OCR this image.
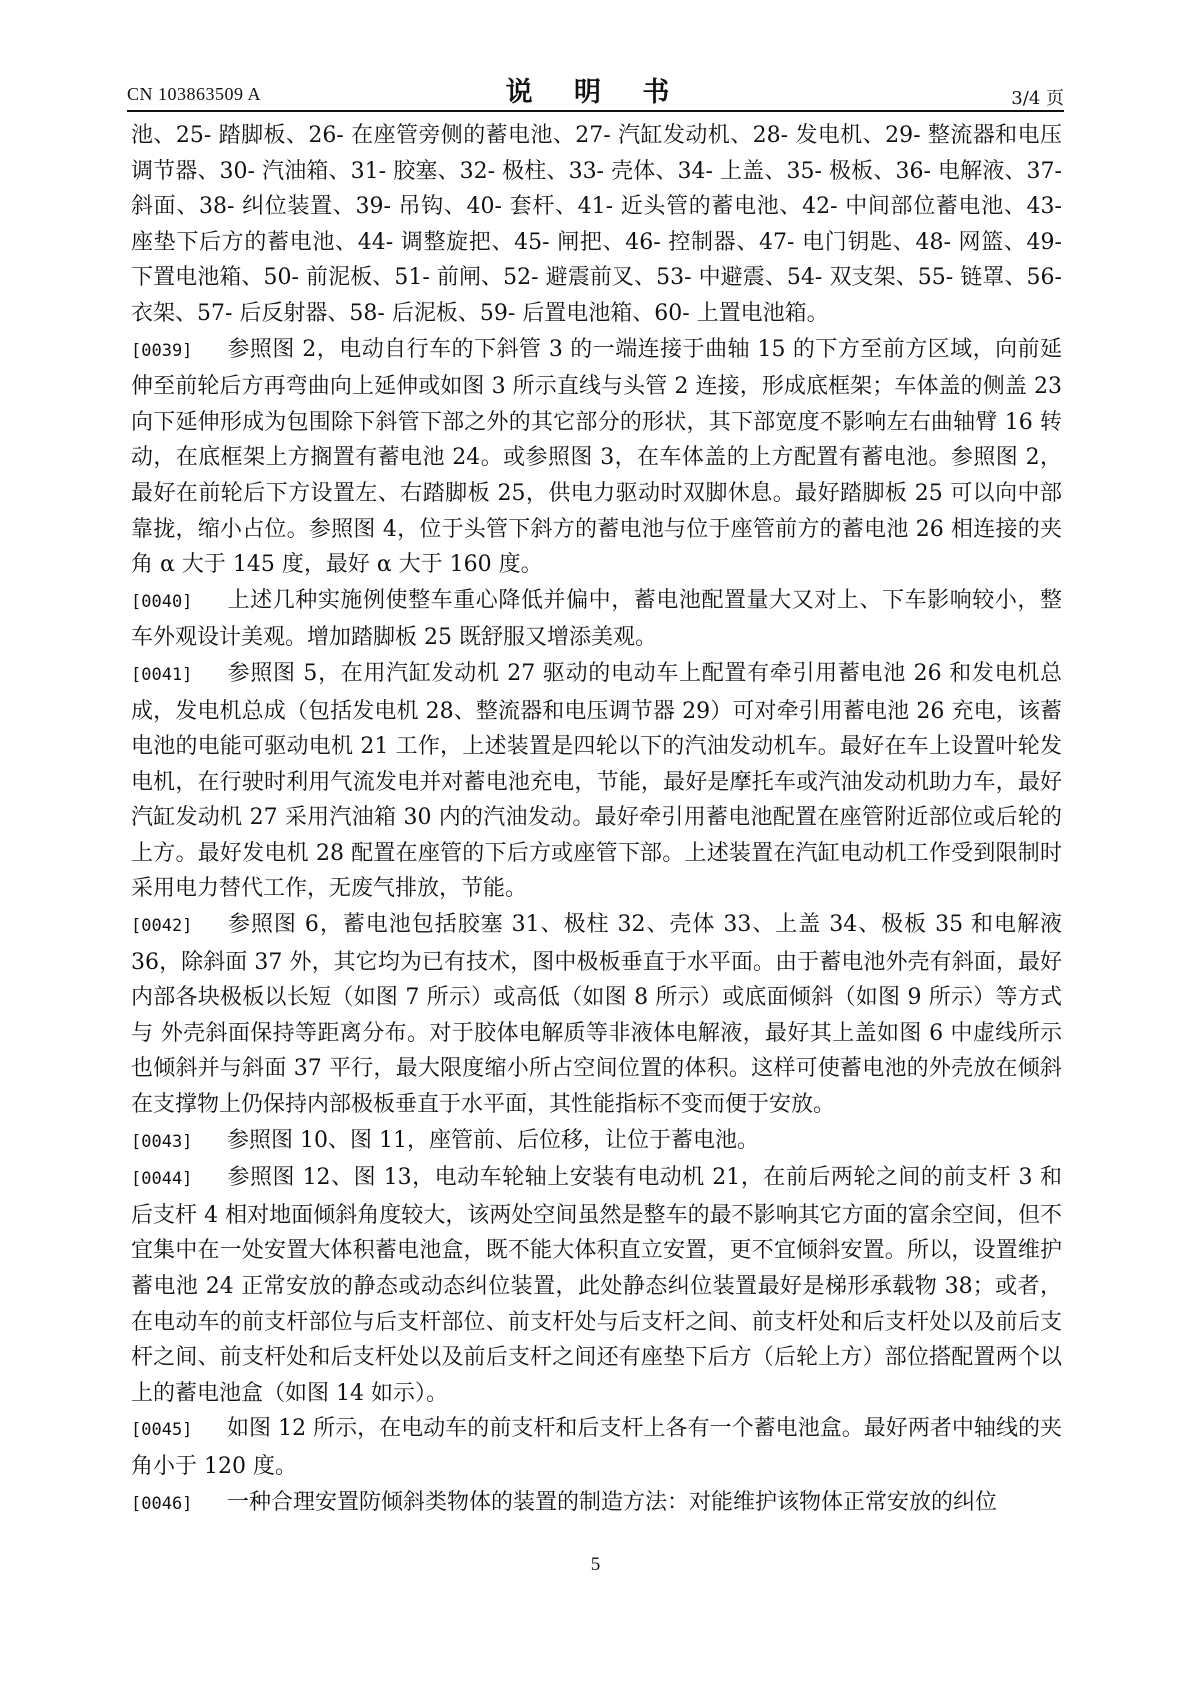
CN 103863509 A	说 明 书	3/4 页

池、25- 踏脚板、26- 在座管旁侧的蓄电池、27- 汽缸发动机、28- 发电机、29- 整流器和电压调节器、30- 汽油箱、31- 胶塞、32- 极柱、33- 壳体、34- 上盖、35- 极板、36- 电解液、37- 斜面、38- 纠位装置、39- 吊钩、40- 套杆、41- 近头管的蓄电池、42- 中间部位蓄电池、43- 座垫下后方的蓄电池、44- 调整旋把、45- 闸把、46- 控制器、47- 电门钥匙、48- 网篮、49- 下置电池箱、50- 前泥板、51- 前闸、52- 避震前叉、53- 中避震、54- 双支架、55- 链罩、56- 衣架、57- 后反射器、58- 后泥板、59- 后置电池箱、60- 上置电池箱。

[0039] 参照图 2，电动自行车的下斜管 3 的一端连接于曲轴 15 的下方至前方区域，向前延伸至前轮后方再弯曲向上延伸或如图 3 所示直线与头管 2 连接，形成底框架；车体盖的侧盖 23 向下延伸形成为包围除下斜管下部之外的其它部分的形状，其下部宽度不影响左右曲轴臂 16 转动，在底框架上方搁置有蓄电池 24。或参照图 3，在车体盖的上方配置有蓄电池。参照图 2，最好在前轮后下方设置左、右踏脚板 25，供电力驱动时双脚休息。最好踏脚板 25 可以向中部靠拢，缩小占位。参照图 4，位于头管下斜方的蓄电池与位于座管前方的蓄电池 26 相连接的夹角 α 大于 145 度，最好 α 大于 160 度。

[0040] 上述几种实施例使整车重心降低并偏中，蓄电池配置量大又对上、下车影响较小，整车外观设计美观。增加踏脚板 25 既舒服又增添美观。

[0041] 参照图 5，在用汽缸发动机 27 驱动的电动车上配置有牵引用蓄电池 26 和发电机总成，发电机总成（包括发电机 28、整流器和电压调节器 29）可对牵引用蓄电池 26 充电，该蓄电池的电能可驱动电机 21 工作，上述装置是四轮以下的汽油发动机车。最好在车上设置叶轮发电机，在行驶时利用气流发电并对蓄电池充电，节能，最好是摩托车或汽油发动机助力车，最好汽缸发动机 27 采用汽油箱 30 内的汽油发动。最好牵引用蓄电池配置在座管附近部位或后轮的上方。最好发电机 28 配置在座管的下后方或座管下部。上述装置在汽缸电动机工作受到限制时采用电力替代工作，无废气排放，节能。

[0042] 参照图 6，蓄电池包括胶塞 31、极柱 32、壳体 33、上盖 34、极板 35 和电解液 36，除斜面 37 外，其它均为已有技术，图中极板垂直于水平面。由于蓄电池外壳有斜面，最好内部各块极板以长短（如图 7 所示）或高低（如图 8 所示）或底面倾斜（如图 9 所示）等方式与 外壳斜面保持等距离分布。对于胶体电解质等非液体电解液，最好其上盖如图 6 中虚线所示也倾斜并与斜面 37 平行，最大限度缩小所占空间位置的体积。这样可使蓄电池的外壳放在倾斜在支撑物上仍保持内部极板垂直于水平面，其性能指标不变而便于安放。

[0043] 参照图 10、图 11，座管前、后位移，让位于蓄电池。

[0044] 参照图 12、图 13，电动车轮轴上安装有电动机 21，在前后两轮之间的前支杆 3 和后支杆 4 相对地面倾斜角度较大，该两处空间虽然是整车的最不影响其它方面的富余空间，但不宜集中在一处安置大体积蓄电池盒，既不能大体积直立安置，更不宜倾斜安置。所以，设置维护蓄电池 24 正常安放的静态或动态纠位装置，此处静态纠位装置最好是梯形承载物 38；或者，在电动车的前支杆部位与后支杆部位、前支杆处与后支杆之间、前支杆处和后支杆处以及前后支杆之间、前支杆处和后支杆处以及前后支杆之间还有座垫下后方（后轮上方）部位搭配置两个以上的蓄电池盒（如图 14 如示）。

[0045] 如图 12 所示，在电动车的前支杆和后支杆上各有一个蓄电池盒。最好两者中轴线的夹角小于 120 度。

[0046] 一种合理安置防倾斜类物体的装置的制造方法：对能维护该物体正常安放的纠位

5
